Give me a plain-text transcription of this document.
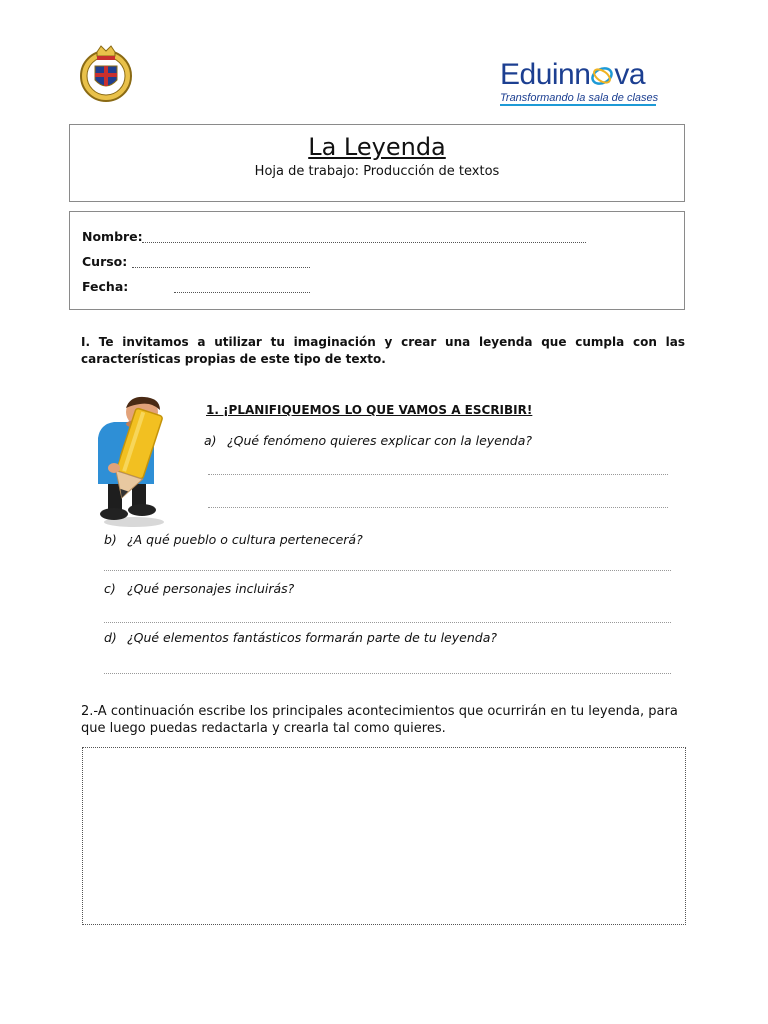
Eduinn va
Transformando la sala de clases
La Leyenda
Hoja de trabajo: Producción de textos
Nombre:
Curso:
Fecha:
I. Te invitamos a utilizar tu imaginación y crear una leyenda que cumpla con las características propias de este tipo de texto.
1. ¡PLANIFIQUEMOS LO QUE VAMOS A ESCRIBIR!
a) ¿Qué fenómeno quieres explicar con la leyenda?
b) ¿A qué pueblo o cultura pertenecerá?
c) ¿Qué personajes incluirás?
d) ¿Qué elementos fantásticos formarán parte de tu leyenda?
2.-A continuación escribe los principales acontecimientos que ocurrirán en tu leyenda, para que luego puedas redactarla y crearla tal como quieres.
